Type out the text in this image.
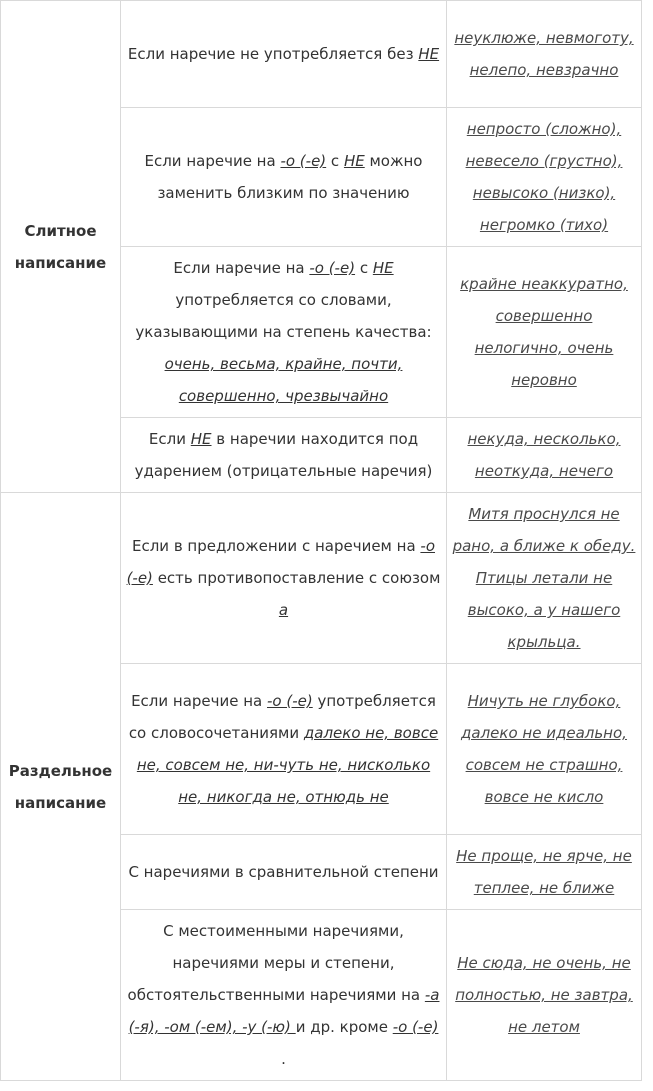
Слитное написание	Если наречие не употребляется без НЕ	неуклюже, невмоготу, нелепо, невзрачно
	Если наречие на -о (-е) с НЕ можно заменить близким по значению	непросто (сложно), невесело (грустно), невысоко (низко), негромко (тихо)
	Если наречие на -о (-е) с НЕ употребляется со словами, указывающими на степень качества: очень, весьма, крайне, почти, совершенно, чрезвычайно	крайне неаккуратно, совершенно нелогично, очень неровно
	Если НЕ в наречии находится под ударением (отрицательные наречия)	некуда, несколько, неоткуда, нечего
Раздельное написание	Если в предложении с наречием на -о (-е) есть противопоставление с союзом а	Митя проснулся не рано, а ближе к обеду. Птицы летали не высоко, а у нашего крыльца.
	Если наречие на -о (-е) употребляется со словосочетаниями далеко не, вовсе не, совсем не, ни-чуть не, нисколько не, никогда не, отнюдь не	Ничуть не глубоко, далеко не идеально, совсем не страшно, вовсе не кисло
	С наречиями в сравнительной степени	Не проще, не ярче, не теплее, не ближе
	С местоименными наречиями, наречиями меры и степени, обстоятельственными наречиями на -а (-я), -ом (-ем), -у (-ю) и др. кроме -о (-е) .	Не сюда, не очень, не полностью, не завтра, не летом
